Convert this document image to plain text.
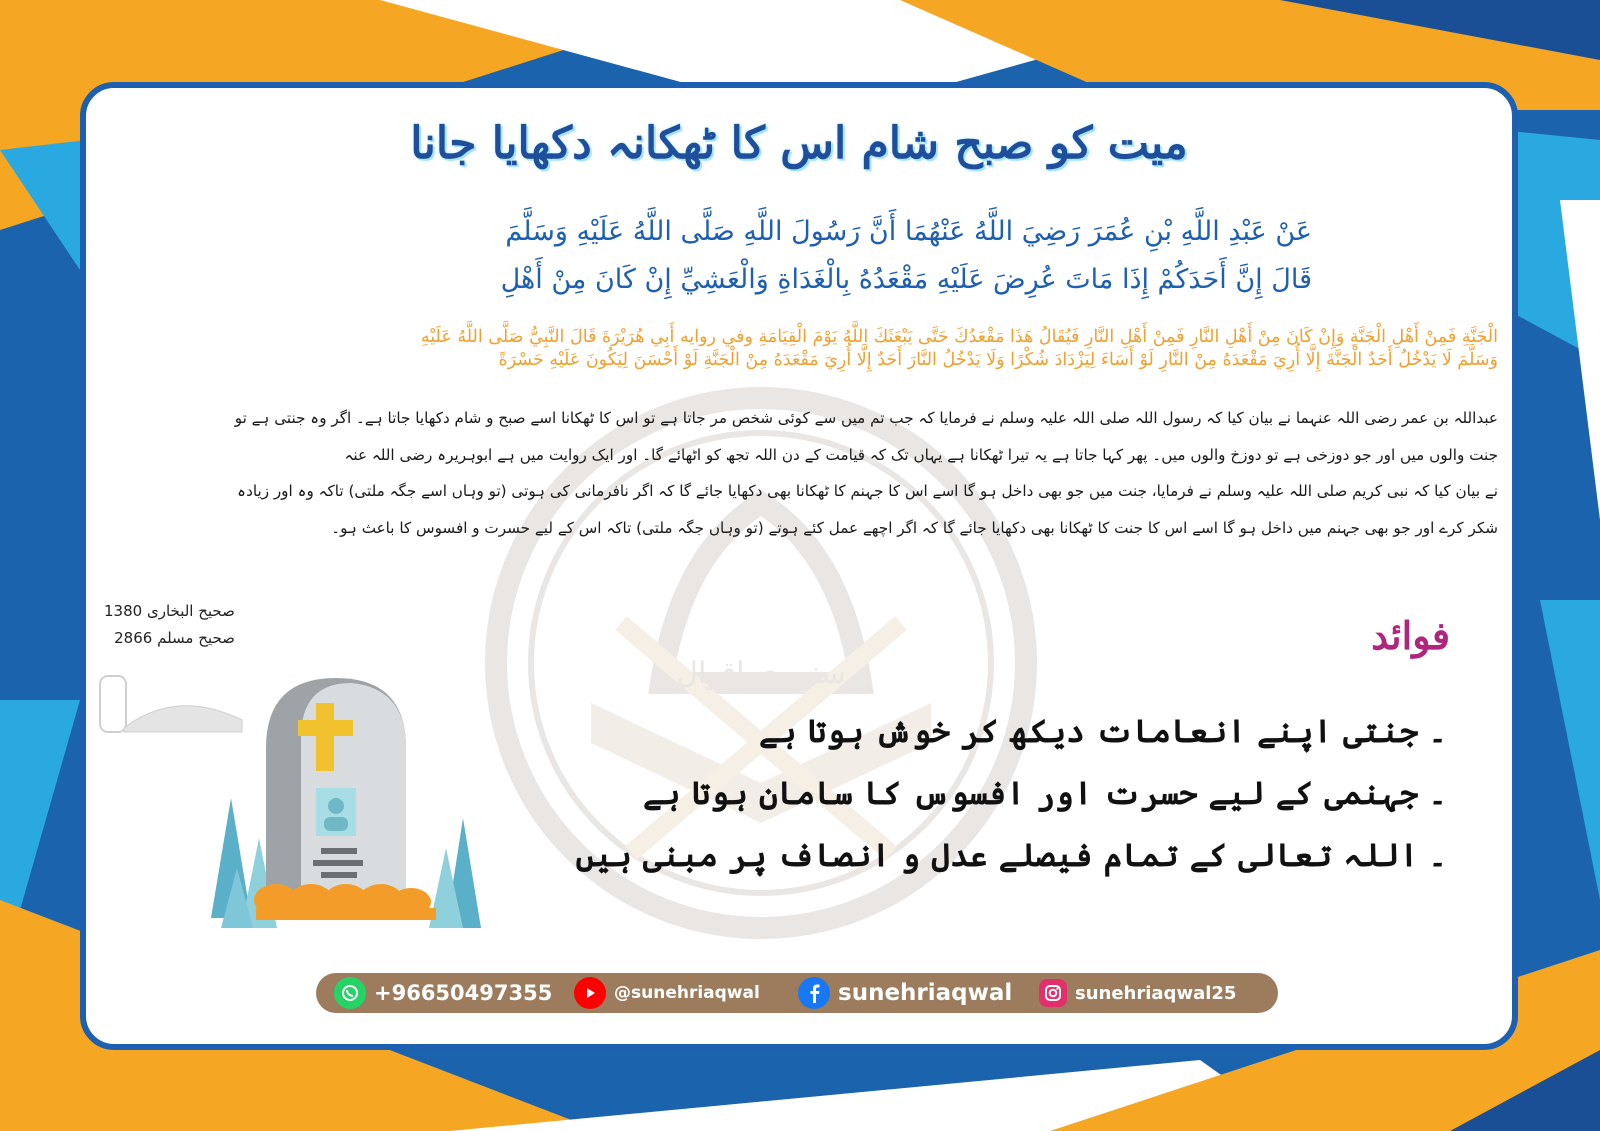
سنہری اقوال
میت کو صبح شام اس کا ٹھکانہ دکھایا جانا
عَنْ عَبْدِ اللَّهِ بْنِ عُمَرَ رَضِيَ اللَّهُ عَنْهُمَا أَنَّ رَسُولَ اللَّهِ صَلَّى اللَّهُ عَلَيْهِ وَسَلَّمَ
قَالَ إِنَّ أَحَدَكُمْ إِذَا مَاتَ عُرِضَ عَلَيْهِ مَقْعَدُهُ بِالْغَدَاةِ وَالْعَشِيِّ إِنْ كَانَ مِنْ أَهْلِ
الْجَنَّةِ فَمِنْ أَهْلِ الْجَنَّةِ وَإِنْ كَانَ مِنْ أَهْلِ النَّارِ فَمِنْ أَهْلِ النَّارِ فَيُقَالُ هَذَا مَقْعَدُكَ حَتَّى يَبْعَثَكَ اللَّهُ يَوْمَ الْقِيَامَةِ وفي روايه أَبِي هُرَيْرَةَ قَالَ النَّبِيُّ صَلَّى اللَّهُ عَلَيْهِ
وَسَلَّمَ لَا يَدْخُلُ أَحَدٌ الْجَنَّةَ إِلَّا أُرِيَ مَقْعَدَهُ مِنْ النَّارِ لَوْ أَسَاءَ لِيَزْدَادَ شُكْرًا وَلَا يَدْخُلُ النَّارَ أَحَدٌ إِلَّا أُرِيَ مَقْعَدَهُ مِنْ الْجَنَّةِ لَوْ أَحْسَنَ لِيَكُونَ عَلَيْهِ حَسْرَةً
عبداللہ بن عمر رضی اللہ عنہما نے بیان کیا کہ رسول اللہ صلی اللہ علیہ وسلم نے فرمایا کہ جب تم میں سے کوئی شخص مر جاتا ہے تو اس کا ٹھکانا اسے صبح و شام دکھایا جاتا ہے۔ اگر وہ جنتی ہے تو
جنت والوں میں اور جو دوزخی ہے تو دوزخ والوں میں۔ پھر کہا جاتا ہے یہ تیرا ٹھکانا ہے یہاں تک کہ قیامت کے دن اللہ تجھ کو اٹھائے گا۔ اور ایک روایت میں ہے ابوہریرہ رضی اللہ عنہ
نے بیان کیا کہ نبی کریم صلی اللہ علیہ وسلم نے فرمایا، جنت میں جو بھی داخل ہو گا اسے اس کا جہنم کا ٹھکانا بھی دکھایا جائے گا کہ اگر نافرمانی کی ہوتی (تو وہاں اسے جگہ ملتی) تاکہ وہ اور زیادہ
شکر کرے اور جو بھی جہنم میں داخل ہو گا اسے اس کا جنت کا ٹھکانا بھی دکھایا جائے گا کہ اگر اچھے عمل کئے ہوتے (تو وہاں جگہ ملتی) تاکہ اس کے لیے حسرت و افسوس کا باعث ہو۔
صحیح البخاری 1380
صحیح مسلم 2866	فوائد
۔جنتی اپنے انعامات دیکھ کر خوش ہوتا ہے
۔جہنمی کے لیے حسرت اور افسوس کا سامان ہوتا ہے
۔اللہ تعالی کے تمام فیصلے عدل و انصاف پر مبنی ہیں
+96650497355	@sunehriaqwal	sunehriaqwal	sunehriaqwal25
